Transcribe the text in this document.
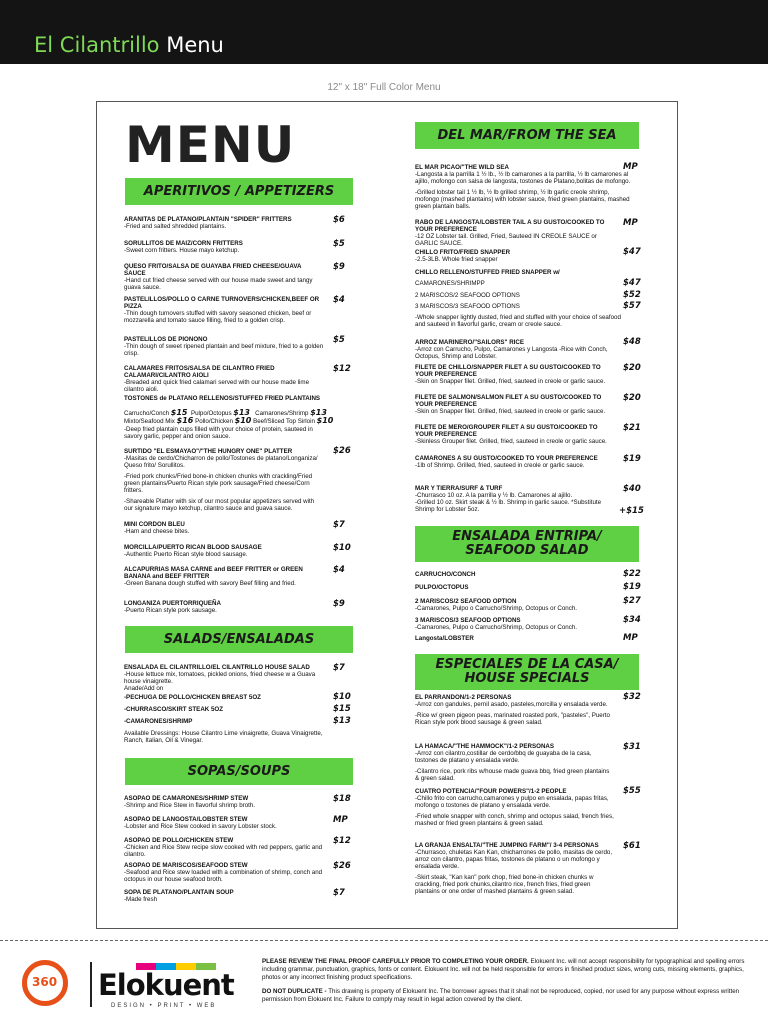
El Cilantrillo Menu
12" x 18" Full Color Menu
MENU
APERITIVOS / APPETIZERS
ARANITAS DE PLATANO/PLANTAIN "SPIDER" FRITTERS
-Fried and salted shredded plantains.
$6
SORULLITOS DE MAIZ/CORN FRITTERS
-Sweet corn fritters. House mayo ketchup.
$5
QUESO FRITO/SALSA DE GUAYABA FRIED CHEESE/GUAVA SAUCE
-Hand cut fried cheese served with our house made sweet and tangy guava sauce.
$9
PASTELILLOS/POLLO O CARNE TURNOVERS/CHICKEN,BEEF OR PIZZA
-Thin dough turnovers stuffed with savory seasoned chicken, beef or mozzarella and tomato sauce filling, fried to a golden crisp.
$4
PASTELILLOS DE PIONONO
-Thin dough of sweet ripened plantain and beef mixture, fried to a golden crisp.
$5
CALAMARES FRITOS/SALSA DE CILANTRO FRIED CALAMARI/CILANTRO AIOLI
-Breaded and quick fried calamari served with our house made lime cilantro aioli.
$12
TOSTONES de PLATANO RELLENOS/STUFFED FRIED PLANTAINS
Carrucho/Conch $15 Pulpo/Octopus $13 Camarones/Shrimp $13
Mixto/Seafood Mix $16 Pollo/Chicken $10 Beef/Sliced Top Sirloin $10
-Deep fried plantain cups filled with your choice of protein, sauteed in savory garlic, pepper and onion sauce.
SURTIDO "EL ESMAYAO"/"THE HUNGRY ONE" PLATTER
-Masitas de cerdo/Chicharron de pollo/Tostones de platano/Longaniza/ Queso frito/ Sorullitos.
-Fried pork chunks/Fried bone-in chicken chunks with crackling/Fried green plantains/Puerto Rican style pork sausage/Fried cheese/Corn fritters.
-Shareable Platter with six of our most popular appetizers served with our signature mayo ketchup, cilantro sauce and guava sauce.
$26
MINI CORDON BLEU
-Ham and cheese bites.
$7
MORCILLA/PUERTO RICAN BLOOD SAUSAGE
-Authentic Puerto Rican style blood sausage.
$10
ALCAPURRIAS MASA CARNE and BEEF FRITTER or GREEN BANANA and BEEF FRITTER
-Green Banana dough stuffed with savory Beef filling and fried.
$4
LONGANIZA PUERTORRIQUEÑA
-Puerto Rican style pork sausage.
$9
SALADS/ENSALADAS
ENSALADA EL CILANTRILLO/EL CILANTRILLO HOUSE SALAD
-House lettuce mix, tomatoes, pickled onions, fried cheese w a Guava house vinaigrette.
Anade/Add on
$7
-PECHUGA DE POLLO/CHICKEN BREAST 5OZ	$10
-CHURRASCO/SKIRT STEAK 5OZ	$15
-CAMARONES/SHRIMP	$13
Available Dressings: House Cilantro Lime vinaigrette, Guava Vinaigrette, Ranch, Italian, Oil & Vinegar.
SOPAS/SOUPS
ASOPAO DE CAMARONES/SHRIMP STEW
-Shrimp and Rice Stew in flavorful shrimp broth.
$18
ASOPAO DE LANGOSTA/LOBSTER STEW
-Lobster and Rice Stew cooked in savory Lobster stock.
MP
ASOPAO DE POLLO/CHICKEN STEW
-Chicken and Rice Stew recipe slow cooked with red peppers, garlic and cilantro.
$12
ASOPAO DE MARISCOS/SEAFOOD STEW
-Seafood and Rice stew loaded with a combination of shrimp, conch and octopus in our house seafood broth.
$26
SOPA DE PLATANO/PLANTAIN SOUP
-Made fresh
$7
DEL MAR/FROM THE SEA
EL MAR PICAO/"THE WILD SEA
-Langosta a la parrilla 1 ½ lb., ½ lb camarones a la parrilla, ½ lb camarones al ajillo, mofongo con salsa de langosta, tostones de Platano,bolitas de mofongo.
-Grilled lobster tail 1 ½ lb, ½ lb grilled shrimp, ½ lb garlic creole shrimp, mofongo (mashed plantains) with lobster sauce, fried green plantains, mashed green plantain balls.
MP
RABO DE LANGOSTA/LOBSTER TAIL A SU GUSTO/COOKED TO YOUR PREFERENCE
-12 OZ Lobster tail. Grilled, Fried, Sauteed IN CREOLE SAUCE or GARLIC SAUCE.
MP
CHILLO FRITO/FRIED SNAPPER
-2.5-3LB. Whole fried snapper
$47
CHILLO RELLENO/STUFFED FRIED SNAPPER w/
CAMARONES/SHRIMPP	$47
2 MARISCOS/2 SEAFOOD OPTIONS	$52
3 MARISCOS/3 SEAFOOD OPTIONS	$57
-Whole snapper lightly dusted, fried and stuffed with your choice of seafood and sauteed in flavorful garlic, cream or creole sauce.
ARROZ MARINERO/"SAILORS" RICE
-Arroz con Carrucho, Pulpo, Camarones y Langosta -Rice with Conch, Octopus, Shrimp and Lobster.
$48
FILETE DE CHILLO/SNAPPER FILET A SU GUSTO/COOKED TO YOUR PREFERENCE
-Skin on Snapper filet. Grilled, fried, sauteed in creole or garlic sauce.
$20
FILETE DE SALMON/SALMON FILET A SU GUSTO/COOKED TO YOUR PREFERENCE
-Skin on Snapper filet. Grilled, fried, sauteed in creole or garlic sauce.
$20
FILETE DE MERO/GROUPER FILET A SU GUSTO/COOKED TO YOUR PREFERENCE
-Skinless Grouper filet. Grilled, fried, sauteed in creole or garlic sauce.
$21
CAMARONES A SU GUSTO/COOKED TO YOUR PREFERENCE
-1lb of Shrimp. Grilled, fried, sauteed in creole or garlic sauce.
$19
MAR Y TIERRA/SURF & TURF
-Churrasco 10 oz. A la parrilla y ½ lb. Camarones al ajillo.
-Grilled 10 oz. Skirt steak & ½ lb. Shrimp in garlic sauce. *Substitute Shrimp for Lobster 5oz.
$40
+$15
ENSALADA ENTRIPA/ SEAFOOD SALAD
CARRUCHO/CONCH	$22
PULPO/OCTOPUS	$19
2 MARISCOS/2 SEAFOOD OPTION
-Camarones, Pulpo o Carrucho/Shrimp, Octopus or Conch.
$27
3 MARISCOS/3 SEAFOOD OPTIONS
-Camarones, Pulpo o Carrucho/Shrimp, Octopus or Conch.
$34
Langosta/LOBSTER	MP
ESPECIALES DE LA CASA/ HOUSE SPECIALS
EL PARRANDON/1-2 PERSONAS
-Arroz con gandules, pernil asado, pasteles,morcilla y ensalada verde.
-Rice w/ green pigeon peas, marinated roasted pork, "pasteles", Puerto Rican style pork blood sausage & green salad.
$32
LA HAMACA/"THE HAMMOCK"/1-2 PERSONAS
-Arroz con cilantro,costillar de cerdo/bbq de guayaba de la casa, tostones de platano y ensalada verde.
-Cilantro rice, pork ribs w/house made guava bbq, fried green plantains & green salad.
$31
CUATRO POTENCIA/"FOUR POWERS"/1-2 PEOPLE
-Chillo frito con carrucho,camarones y pulpo en ensalada, papas fritas, mofongo o tostones de platano y ensalada verde.
-Fried whole snapper with conch, shrimp and octopus salad, french fries, mashed or fried green plantains & green salad.
$55
LA GRANJA ENSALTA/"THE JUMPING FARM"/ 3-4 PERSONAS
-Churrasco, chuletas Kan Kan, chicharrones de pollo, masitas de cerdo, arroz con cilantro, papas fritas, tostones de platano o un mofongo y ensalada verde.
-Skirt steak, "Kan kan" pork chop, fried bone-in chicken chunks w crackling, fried pork chunks,cilantro rice, french fries, fried green plantains or one order of mashed plantains & green salad.
$61
360 Elokuent
DESIGN • PRINT • WEB
PLEASE REVIEW THE FINAL PROOF CAREFULLY PRIOR TO COMPLETING YOUR ORDER. Elokuent Inc. will not accept responsibility for typographical and spelling errors including grammar, punctuation, graphics, fonts or content. Elokuent Inc. will not be held responsible for errors in finished product sizes, wrong cuts, missing elements, graphics, photos or any incorrect finishing product specifications.
DO NOT DUPLICATE - This drawing is property of Elokuent Inc. The borrower agrees that it shall not be reproduced, copied, nor used for any purpose without express written permission from Elokuent Inc. Failure to comply may result in legal action covered by the client.
